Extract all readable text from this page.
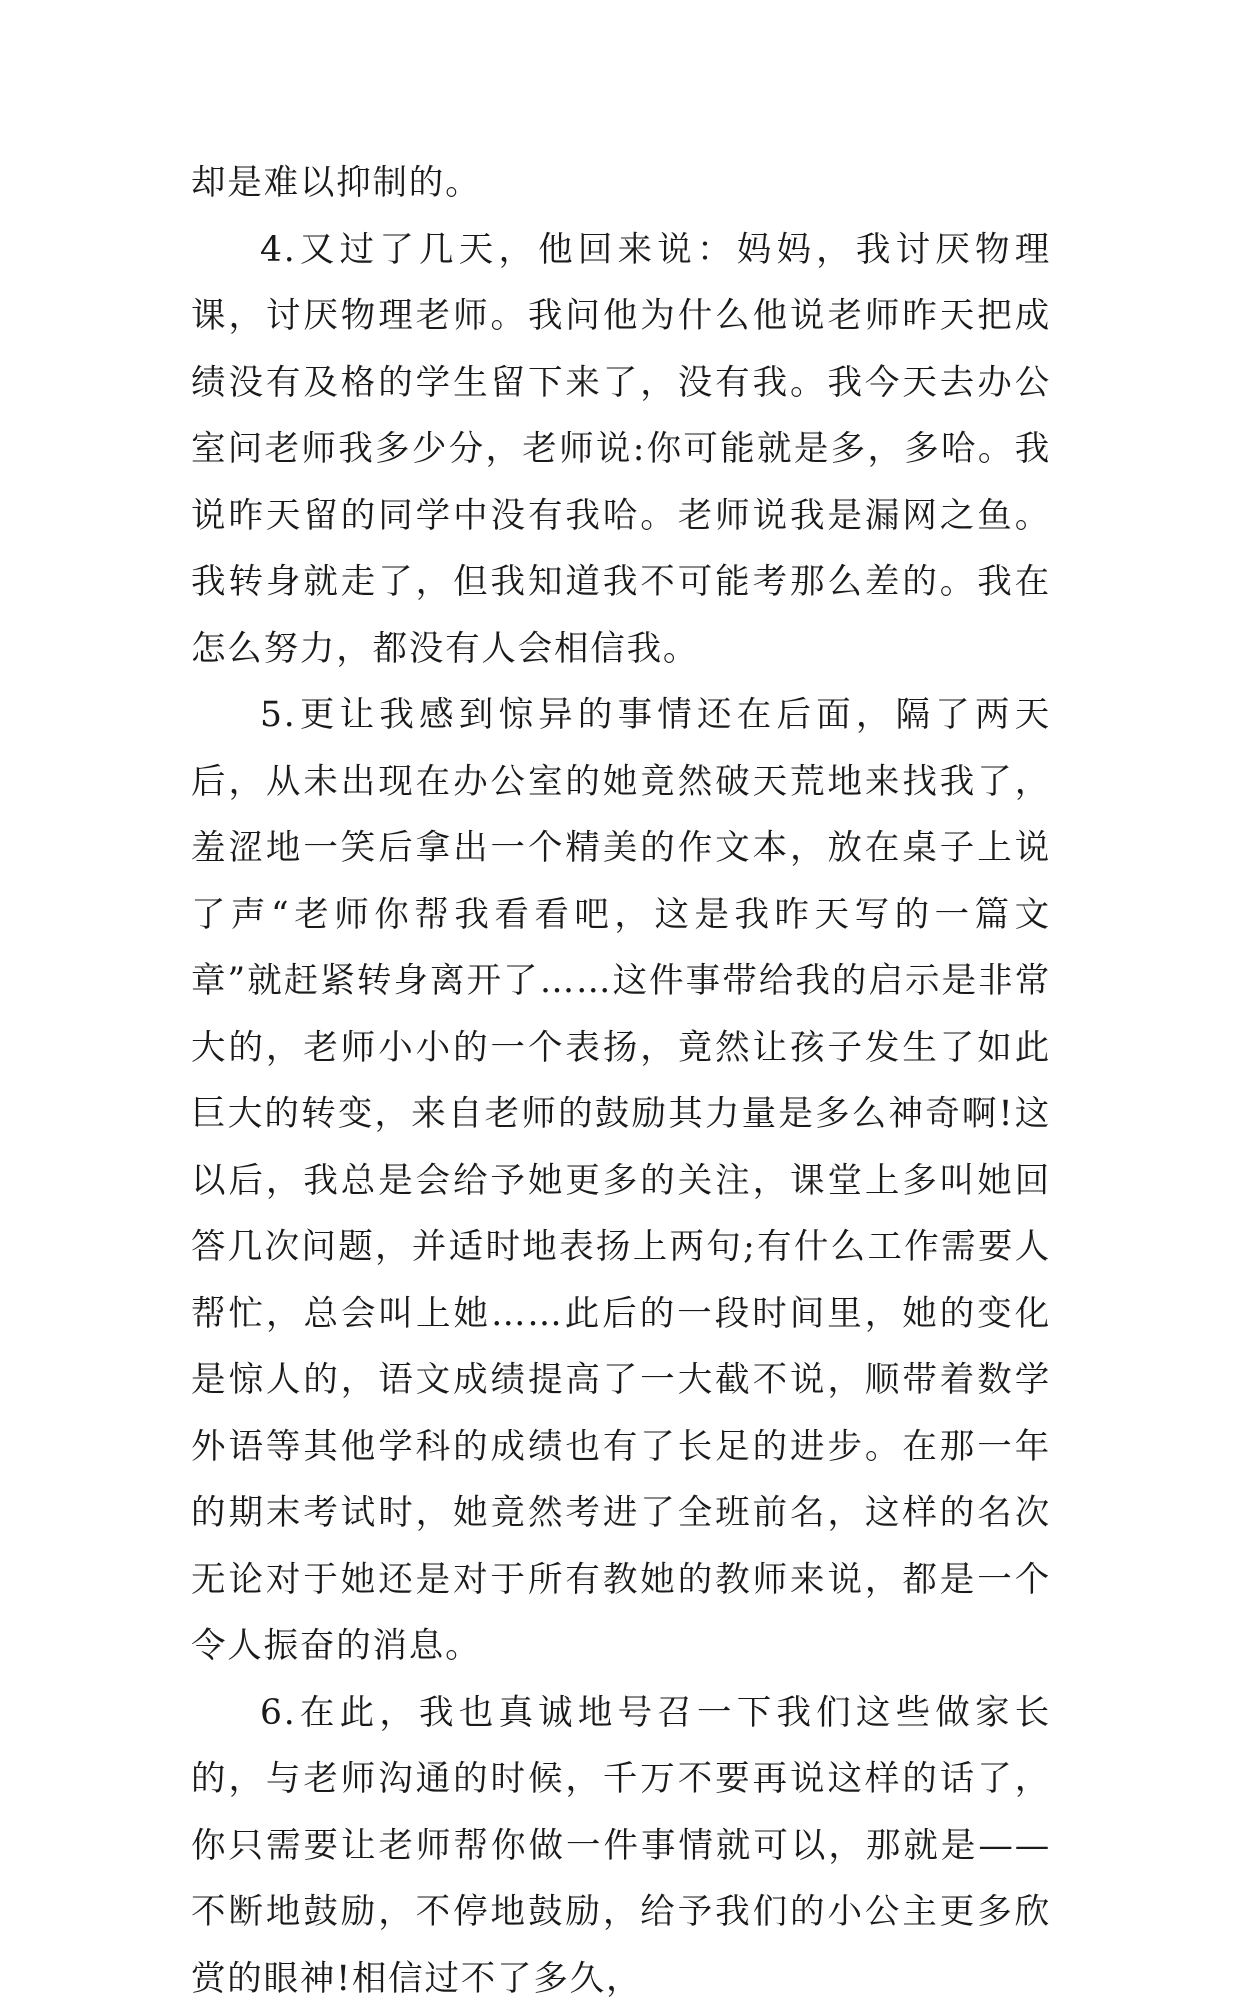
却是难以抑制的。

4.又过了几天，他回来说：妈妈，我讨厌物理课，讨厌物理老师。我问他为什么他说老师昨天把成绩没有及格的学生留下来了，没有我。我今天去办公室问老师我多少分，老师说:你可能就是多，多哈。我说昨天留的同学中没有我哈。老师说我是漏网之鱼。我转身就走了，但我知道我不可能考那么差的。我在怎么努力，都没有人会相信我。

5.更让我感到惊异的事情还在后面，隔了两天后，从未出现在办公室的她竟然破天荒地来找我了，羞涩地一笑后拿出一个精美的作文本，放在桌子上说了声“老师你帮我看看吧，这是我昨天写的一篇文章”就赶紧转身离开了……这件事带给我的启示是非常大的，老师小小的一个表扬，竟然让孩子发生了如此巨大的转变，来自老师的鼓励其力量是多么神奇啊!这以后，我总是会给予她更多的关注，课堂上多叫她回答几次问题，并适时地表扬上两句;有什么工作需要人帮忙，总会叫上她……此后的一段时间里，她的变化是惊人的，语文成绩提高了一大截不说，顺带着数学外语等其他学科的成绩也有了长足的进步。在那一年的期末考试时，她竟然考进了全班前名，这样的名次无论对于她还是对于所有教她的教师来说，都是一个令人振奋的消息。

6.在此，我也真诚地号召一下我们这些做家长的，与老师沟通的时候，千万不要再说这样的话了，你只需要让老师帮你做一件事情就可以，那就是——不断地鼓励，不停地鼓励，给予我们的小公主更多欣赏的眼神!相信过不了多久，
